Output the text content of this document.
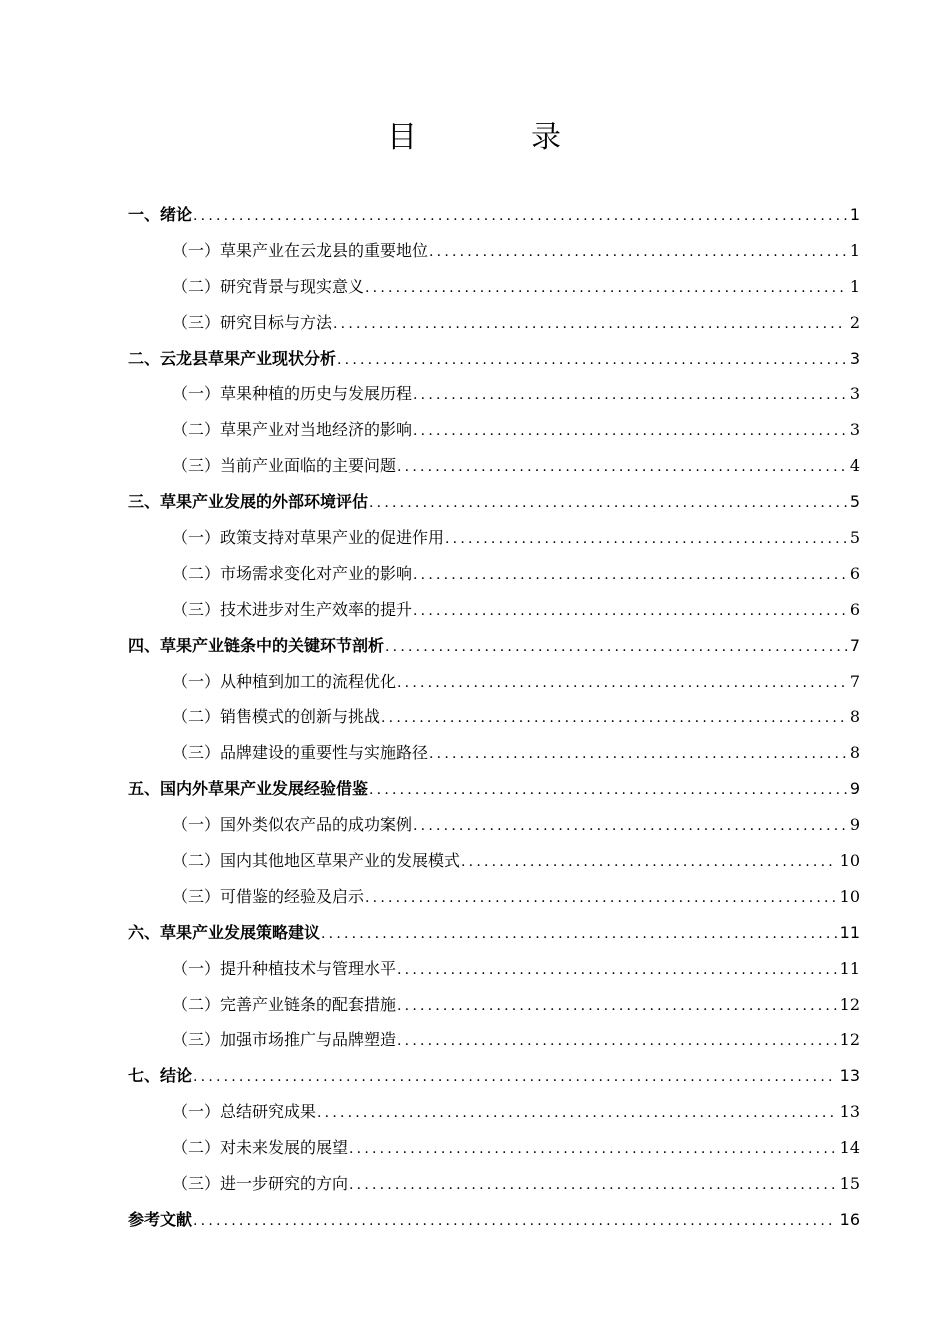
目　录
一、绪论 .....	1
（一）草果产业在云龙县的重要地位 .....	1
（二）研究背景与现实意义 .....	1
（三）研究目标与方法 .....	2
二、云龙县草果产业现状分析 .....	3
（一）草果种植的历史与发展历程 .....	3
（二）草果产业对当地经济的影响 .....	3
（三）当前产业面临的主要问题 .....	4
三、草果产业发展的外部环境评估 .....	5
（一）政策支持对草果产业的促进作用 .....	5
（二）市场需求变化对产业的影响 .....	6
（三）技术进步对生产效率的提升 .....	6
四、草果产业链条中的关键环节剖析 .....	7
（一）从种植到加工的流程优化 .....	7
（二）销售模式的创新与挑战 .....	8
（三）品牌建设的重要性与实施路径 .....	8
五、国内外草果产业发展经验借鉴 .....	9
（一）国外类似农产品的成功案例 .....	9
（二）国内其他地区草果产业的发展模式 .....	10
（三）可借鉴的经验及启示 .....	10
六、草果产业发展策略建议 .....	11
（一）提升种植技术与管理水平 .....	11
（二）完善产业链条的配套措施 .....	12
（三）加强市场推广与品牌塑造 .....	12
七、结论 .....	13
（一）总结研究成果 .....	13
（二）对未来发展的展望 .....	14
（三）进一步研究的方向 .....	15
参考文献 .....	16
